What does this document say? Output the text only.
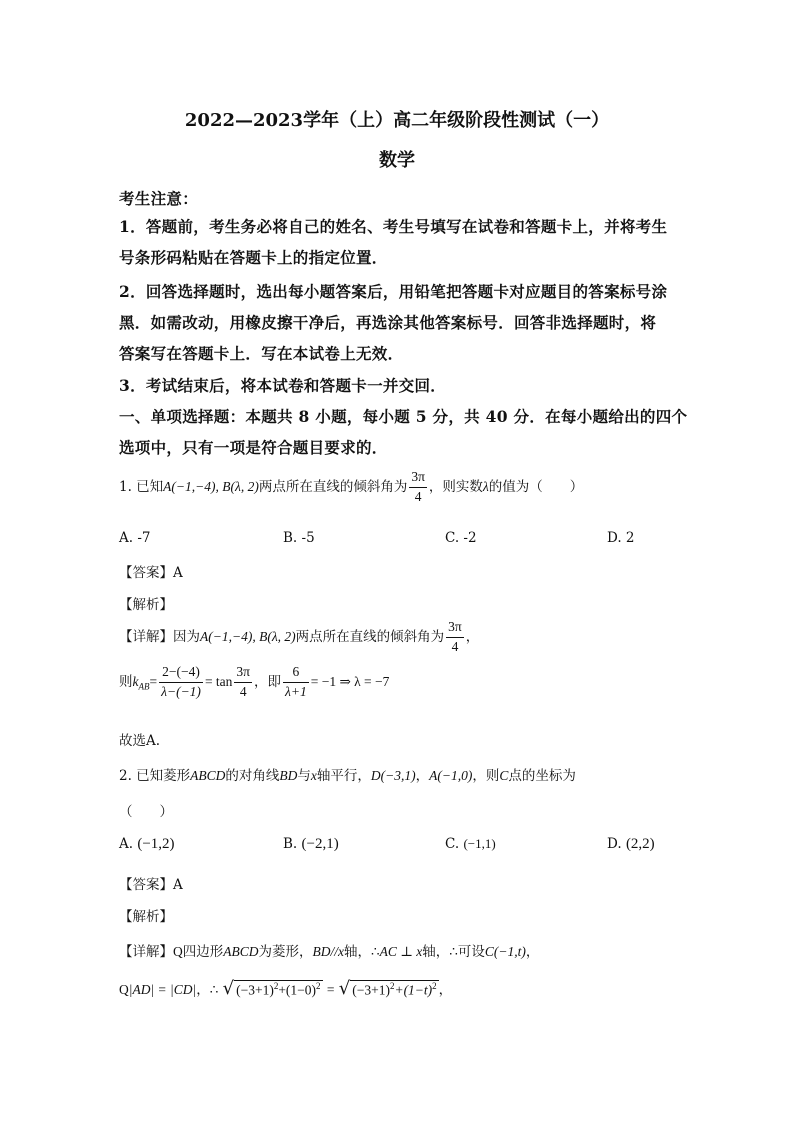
2022—2023学年（上）高二年级阶段性测试（一）
数学
考生注意：
1．答题前，考生务必将自己的姓名、考生号填写在试卷和答题卡上，并将考生
号条形码粘贴在答题卡上的指定位置．
2．回答选择题时，选出每小题答案后，用铅笔把答题卡对应题目的答案标号涂
黑．如需改动，用橡皮擦干净后，再选涂其他答案标号．回答非选择题时，将
答案写在答题卡上．写在本试卷上无效．
3．考试结束后，将本试卷和答题卡一并交回．
一、单项选择题：本题共 8 小题，每小题 5 分，共 40 分．在每小题给出的四个
选项中，只有一项是符合题目要求的．
1. 已知A(−1,−4), B(λ, 2)两点所在直线的倾斜角为 $\frac{3\pi}{4}$ ，则实数λ的值为（　　）
A. -7	B. -5	C. -2	D. 2
【答案】A
【解析】
【详解】因为A(−1,−4), B(λ, 2)两点所在直线的倾斜角为 $\frac{3\pi}{4}$ ，
则$k_{AB}= \frac{2-(-4)}{\lambda-(-1)} = \tan \frac{3\pi}{4}$ ，即 $\frac{6}{\lambda+1} = -1$ ⇒ λ = −7
故选A.
2. 已知菱形ABCD的对角线BD与x轴平行，D(−3,1)，A(−1,0)，则C点的坐标为
（　　）
A. (−1,2)	B. (−2,1)	C. (−1,1)	D. (2,2)
【答案】A
【解析】
【详解】Q四边形ABCD为菱形，BD//x轴，∴AC ⊥ x轴，∴可设C(−1,t)，
Q|AD| = |CD|，∴ √ $(-3+1)^2+(1-0)^2$ = √ $(-3+1)^2+(1-t)^2$ ，
